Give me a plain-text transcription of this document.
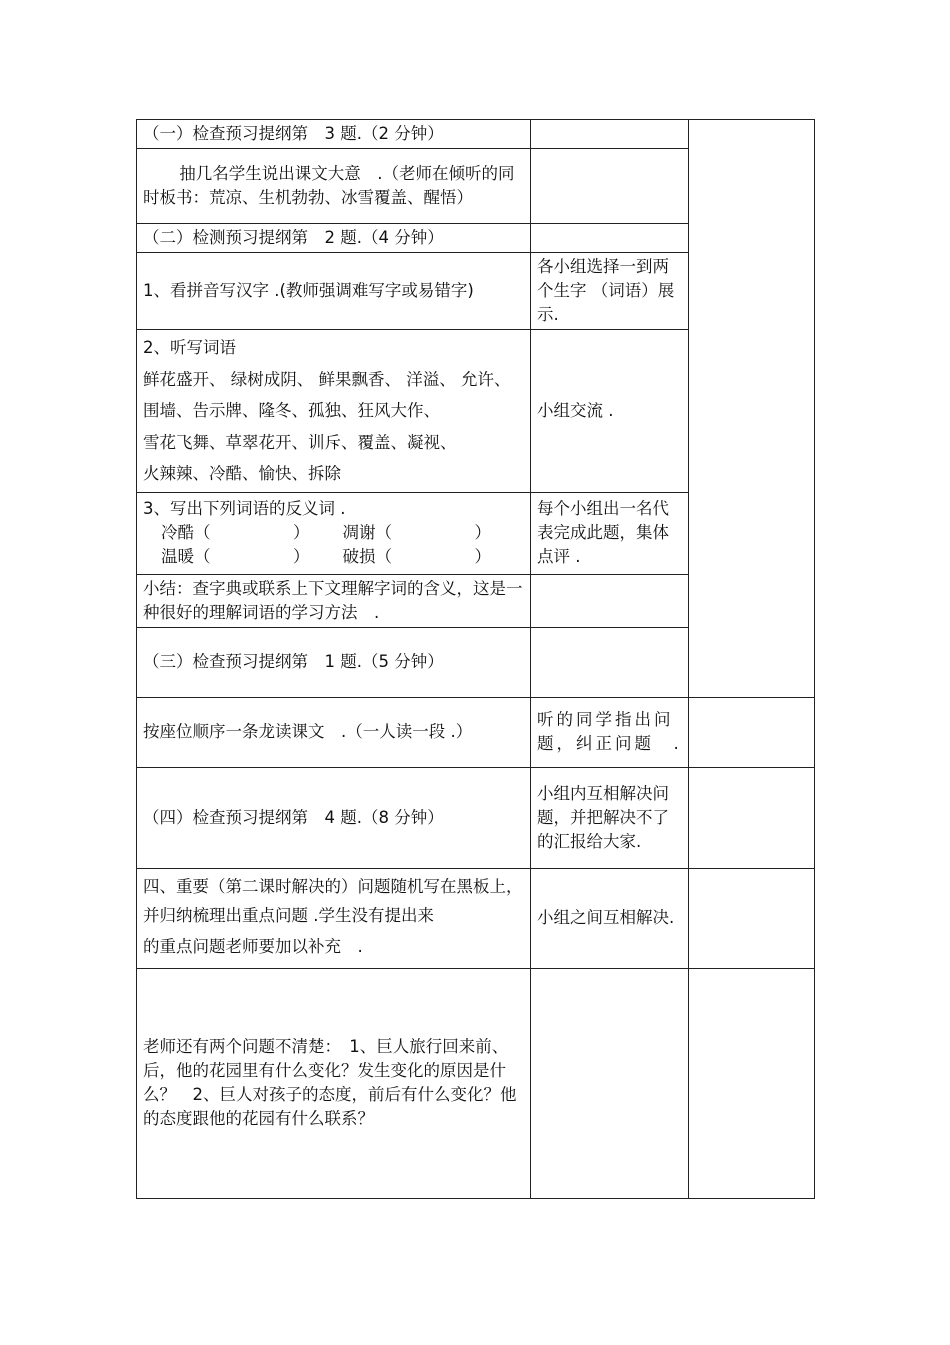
（一）检查预习提纲第　3 题.（2 分钟）			
抽几名学生说出课文大意　.（老师在倾听的同时板书：荒凉、生机勃勃、冰雪覆盖、醒悟）			
（二）检测预习提纲第　2 题.（4 分钟）			
1、看拼音写汉字 .(教师强调难写字或易错字)	各小组选择一到两个生字 （词语）展示.		

2、听写词语
鲜花盛开、 绿树成阴、 鲜果飘香、 洋溢、 允许、
围墙、告示牌、隆冬、孤独、狂风大作、
雪花飞舞、草翠花开、训斥、覆盖、凝视、
火辣辣、冷酷、愉快、拆除	小组交流 .		

3、写出下列词语的反义词 .
冷酷（　　　　　） 凋谢（　　　　　）
温暖（　　　　　） 破损（　　　　　）	每个小组出一名代表完成此题，集体点评 .		
小结：查字典或联系上下文理解字词的含义，这是一种很好的理解词语的学习方法　.			
（三）检查预习提纲第　1 题.（5 分钟）			
按座位顺序一条龙读课文　.（一人读一段 .）	听的同学指出问题，纠正问题　.		
（四）检查预习提纲第　4 题.（8 分钟）	小组内互相解决问题，并把解决不了的汇报给大家.		

四、重要（第二课时解决的）问题随机写在黑板上，并归纳梳理出重点问题 .学生没有提出来
的重点问题老师要加以补充　.	小组之间互相解决.		
老师还有两个问题不清楚：　1、巨人旅行回来前、后，他的花园里有什么变化？发生变化的原因是什么？　2、巨人对孩子的态度，前后有什么变化？他的态度跟他的花园有什么联系？			
